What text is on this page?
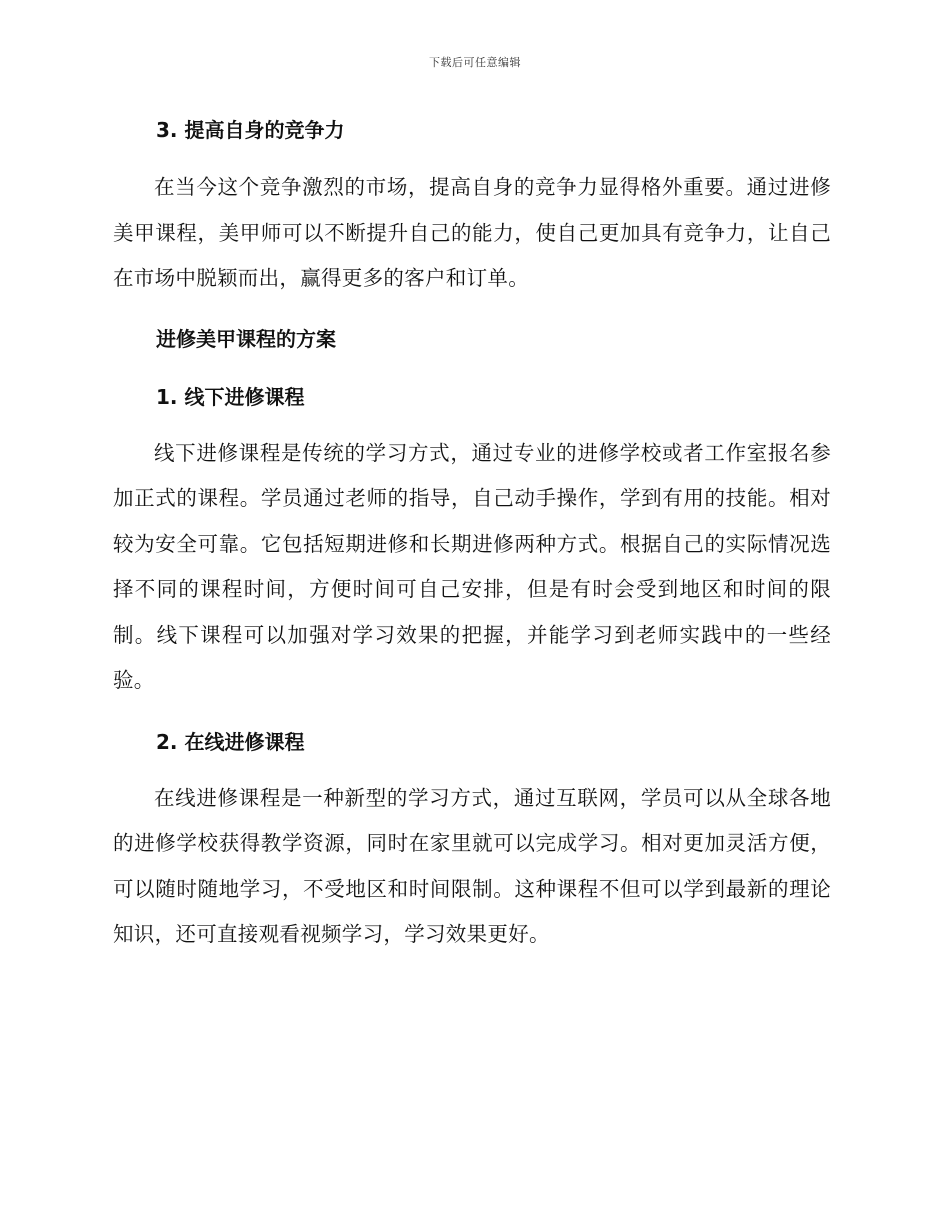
下载后可任意编辑
3. 提高自身的竞争力

在当今这个竞争激烈的市场，提高自身的竞争力显得格外重要。通过进修美甲课程，美甲师可以不断提升自己的能力，使自己更加具有竞争力，让自己在市场中脱颖而出，赢得更多的客户和订单。

进修美甲课程的方案
1. 线下进修课程

线下进修课程是传统的学习方式，通过专业的进修学校或者工作室报名参加正式的课程。学员通过老师的指导，自己动手操作，学到有用的技能。相对较为安全可靠。它包括短期进修和长期进修两种方式。根据自己的实际情况选择不同的课程时间，方便时间可自己安排，但是有时会受到地区和时间的限制。线下课程可以加强对学习效果的把握，并能学习到老师实践中的一些经验。

2. 在线进修课程

在线进修课程是一种新型的学习方式，通过互联网，学员可以从全球各地的进修学校获得教学资源，同时在家里就可以完成学习。相对更加灵活方便，可以随时随地学习，不受地区和时间限制。这种课程不但可以学到最新的理论知识，还可直接观看视频学习，学习效果更好。
